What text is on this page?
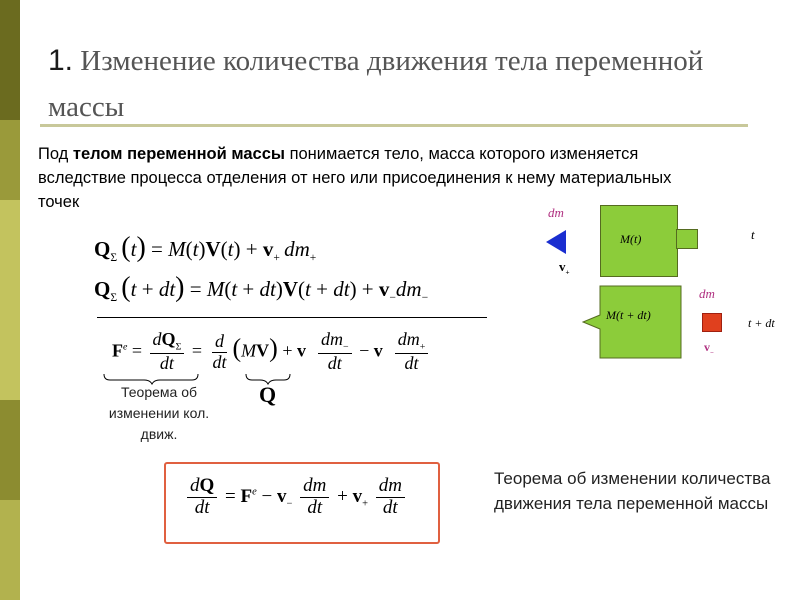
1. Изменение количества движения тела переменной массы
Под телом переменной массы понимается тело, масса которого изменяется вследствие процесса отделения от него или присоединения к нему материальных точек
$Q_\Sigma$  $(t) = M(t)V(t) + v_+$  $dm_+$
$Q_\Sigma$  $(t + dt) = M(t + dt)V(t + dt) + v_-dm_-$
$F^e = \frac{dQ_\Sigma}{dt} = \frac{d}{dt} (MV) + v \frac{dm_-}{dt} - v \frac{dm_+}{dt}$
Теорема об изменении кол. движ.
Q
$\frac{dQ}{dt} = F^e - v_- \frac{dm}{dt} + v_+ \frac{dm}{dt}$	Теорема об изменении количества движения тела переменной массы
dm
$v_+$
M(t)	t
M(t + dt)
dm
$v_-$
t + dt
